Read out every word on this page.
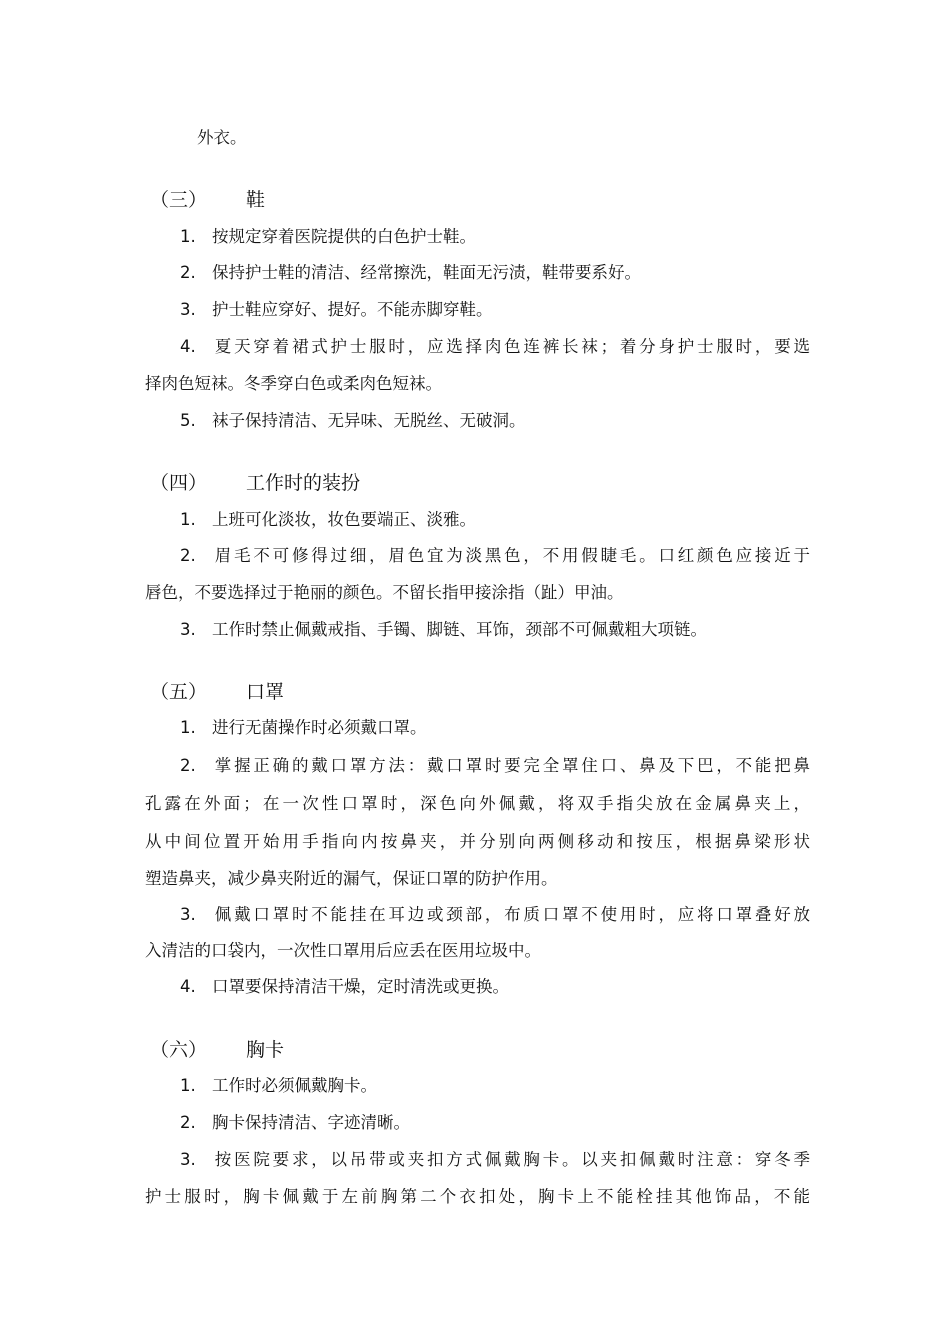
外衣。
（三） 鞋
1. 按规定穿着医院提供的白色护士鞋。
2. 保持护士鞋的清洁、经常擦洗，鞋面无污渍，鞋带要系好。
3. 护士鞋应穿好、提好。不能赤脚穿鞋。
4. 夏天穿着裙式护士服时，应选择肉色连裤长袜；着分身护士服时，要选
择肉色短袜。冬季穿白色或柔肉色短袜。
5. 袜子保持清洁、无异味、无脱丝、无破洞。
（四） 工作时的装扮
1. 上班可化淡妆，妆色要端正、淡雅。
2. 眉毛不可修得过细，眉色宜为淡黑色，不用假睫毛。口红颜色应接近于
唇色，不要选择过于艳丽的颜色。不留长指甲接涂指（趾）甲油。
3. 工作时禁止佩戴戒指、手镯、脚链、耳饰，颈部不可佩戴粗大项链。
（五） 口罩
1. 进行无菌操作时必须戴口罩。
2. 掌握正确的戴口罩方法：戴口罩时要完全罩住口、鼻及下巴，不能把鼻
孔露在外面；在一次性口罩时，深色向外佩戴，将双手指尖放在金属鼻夹上，
从中间位置开始用手指向内按鼻夹，并分别向两侧移动和按压，根据鼻梁形状
塑造鼻夹，减少鼻夹附近的漏气，保证口罩的防护作用。
3. 佩戴口罩时不能挂在耳边或颈部，布质口罩不使用时，应将口罩叠好放
入清洁的口袋内，一次性口罩用后应丢在医用垃圾中。
4. 口罩要保持清洁干燥，定时清洗或更换。
（六） 胸卡
1. 工作时必须佩戴胸卡。
2. 胸卡保持清洁、字迹清晰。
3. 按医院要求，以吊带或夹扣方式佩戴胸卡。以夹扣佩戴时注意：穿冬季
护士服时，胸卡佩戴于左前胸第二个衣扣处，胸卡上不能栓挂其他饰品，不能
